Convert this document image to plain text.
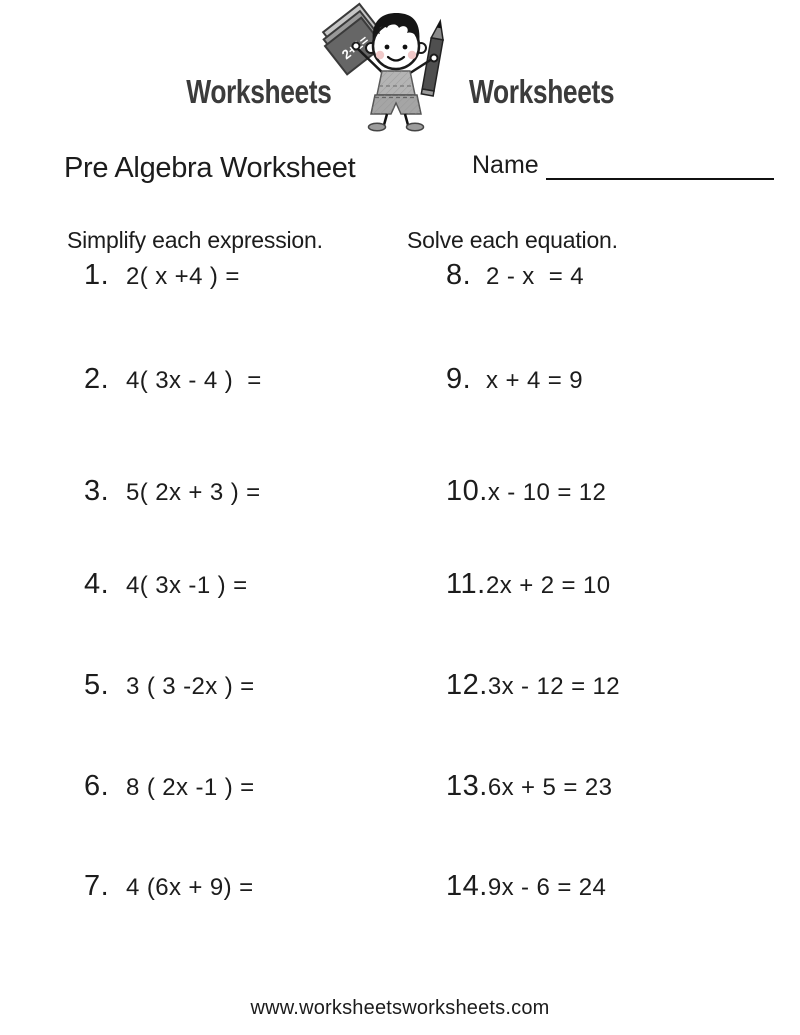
Worksheets	Worksheets
Pre Algebra Worksheet	Name
Simplify each expression.	Solve each equation.
1. 2( x +4 ) =
2. 4( 3x - 4 )  =
3. 5( 2x + 3 ) =
4. 4( 3x -1 ) =
5. 3 ( 3 -2x ) =
6. 8 ( 2x -1 ) =
7. 4 (6x + 9) =
8. 2 - x  = 4
9. x + 4 = 9
10. x - 10 = 12
11. 2x + 2 = 10
12. 3x - 12 = 12
13. 6x + 5 = 23
14. 9x - 6 = 24
www.worksheetsworksheets.com
